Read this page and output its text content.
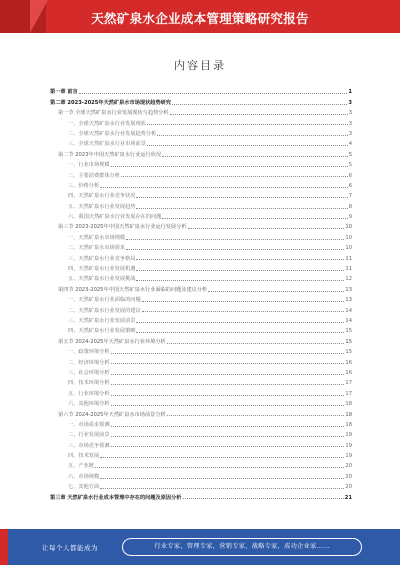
天然矿泉水企业成本管理策略研究报告
内容目录
第一章 前言	1
第二章 2023-2025年天然矿泉水市场现状趋势研究	3
第一节 全球天然矿泉水行业发展现状与趋势分析	3
一、全球天然矿泉水行业发展现状	3
二、全球天然矿泉水行业发展趋势分析	3
三、全球天然矿泉水行业市场前景	4
第二节 2023年中国天然矿泉水行业运行状况	5
一、行业市场规模	5
二、主要消费群体分析	6
三、价格分析	6
四、天然矿泉水行业竞争状况	7
五、天然矿泉水行业发展趋势	8
六、我国天然矿泉水行业发展存在的问题	9
第三节 2023-2025年中国天然矿泉水行业运行发展分析	10
一、天然矿泉水市场规模	10
二、天然矿泉水市场需求	10
三、天然矿泉水行业竞争格局	11
四、天然矿泉水行业发展机遇	11
五、天然矿泉水行业发展挑战	12
第四节 2023-2025年中国天然矿泉水行业面临的问题及建议分析	13
一、天然矿泉水行业面临的问题	13
二、天然矿泉水行业发展的建议	14
三、天然矿泉水行业发展前景	14
四、天然矿泉水行业发展策略	15
第五节 2024-2025年天然矿泉水行业环境分析	15
一、政策环境分析	15
二、经济环境分析	16
三、社会环境分析	16
四、技术环境分析	17
五、行业环境分析	17
六、其他环境分析	18
第六节 2024-2025年天然矿泉水市场前景分析	18
一、市场需求预测	18
二、行业发展前景	19
三、市场竞争预测	19
四、技术发展	19
五、产业链	20
六、市场规模	20
七、其他方面	20
第三章 天然矿泉水行业成本管理中存在的问题及原因分析	21
让每个人都能成为	行业专家，管理专家，营销专家，战略专家，成功企业家……
